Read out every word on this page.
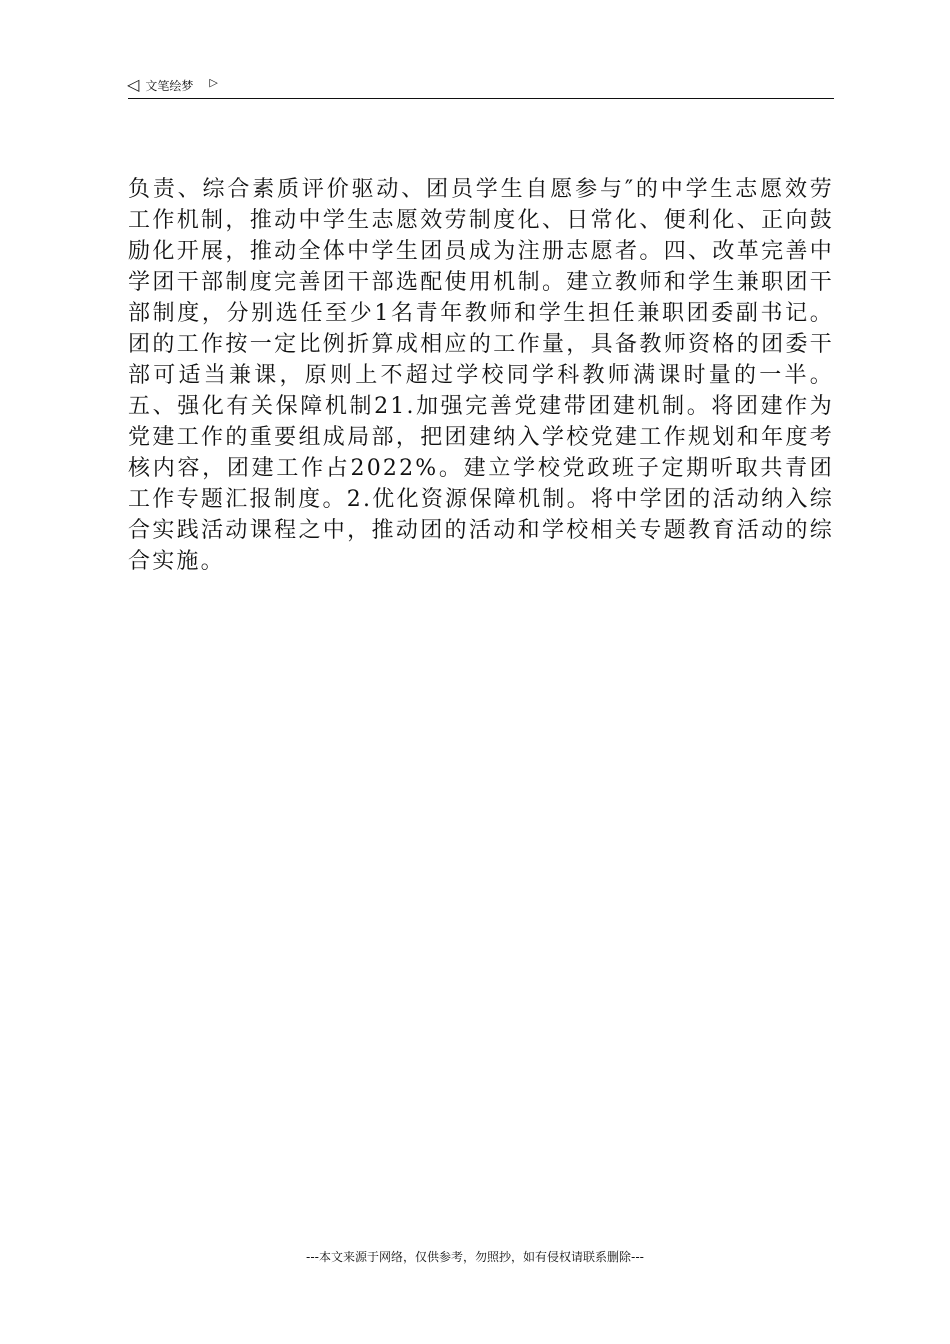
◁ 文笔绘梦 ▷

负责、综合素质评价驱动、团员学生自愿参与″的中学生志愿效劳工作机制，推动中学生志愿效劳制度化、日常化、便利化、正向鼓励化开展，推动全体中学生团员成为注册志愿者。四、改革完善中学团干部制度完善团干部选配使用机制。建立教师和学生兼职团干部制度，分别选任至少1名青年教师和学生担任兼职团委副书记。团的工作按一定比例折算成相应的工作量，具备教师资格的团委干部可适当兼课，原则上不超过学校同学科教师满课时量的一半。五、强化有关保障机制21.加强完善党建带团建机制。将团建作为党建工作的重要组成局部，把团建纳入学校党建工作规划和年度考核内容，团建工作占2022%。建立学校党政班子定期听取共青团工作专题汇报制度。2.优化资源保障机制。将中学团的活动纳入综合实践活动课程之中，推动团的活动和学校相关专题教育活动的综合实施。

---本文来源于网络，仅供参考，勿照抄，如有侵权请联系删除---
